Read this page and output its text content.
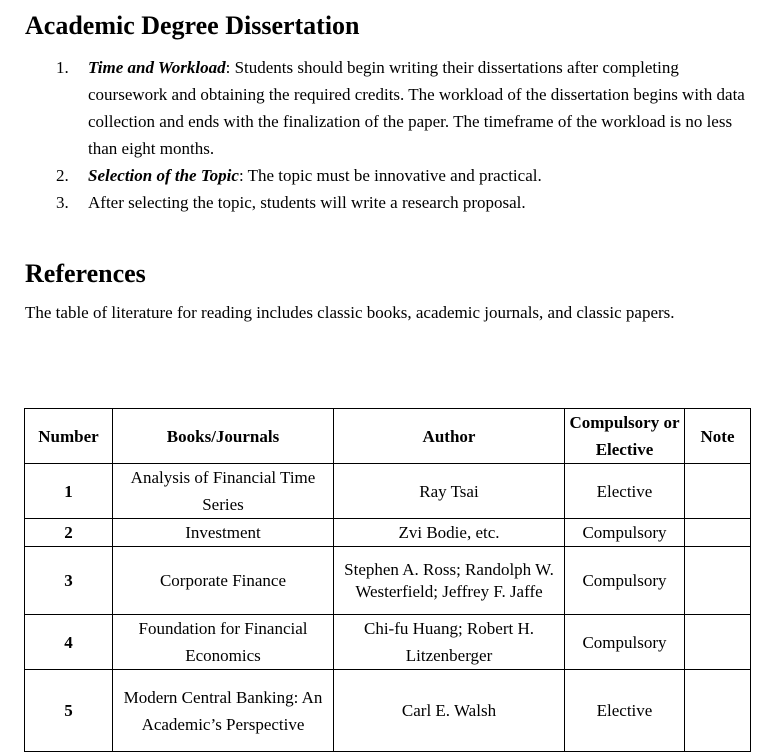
Academic Degree Dissertation
1. Time and Workload: Students should begin writing their dissertations after completing coursework and obtaining the required credits. The workload of the dissertation begins with data collection and ends with the finalization of the paper. The timeframe of the workload is no less than eight months.
2. Selection of the Topic: The topic must be innovative and practical.
3. After selecting the topic, students will write a research proposal.
References

The table of literature for reading includes classic books, academic journals, and classic papers.

Number	Books/Journals	Author	Compulsory or Elective	Note
1	Analysis of Financial Time Series	Ray Tsai	Elective	
2	Investment	Zvi Bodie, etc.	Compulsory	
3	Corporate Finance	Stephen A. Ross; Randolph W. Westerfield; Jeffrey F. Jaffe	Compulsory	
4	Foundation for Financial Economics	Chi-fu Huang; Robert H. Litzenberger	Compulsory	
5	Modern Central Banking: An Academic’s Perspective	Carl E. Walsh	Elective	
